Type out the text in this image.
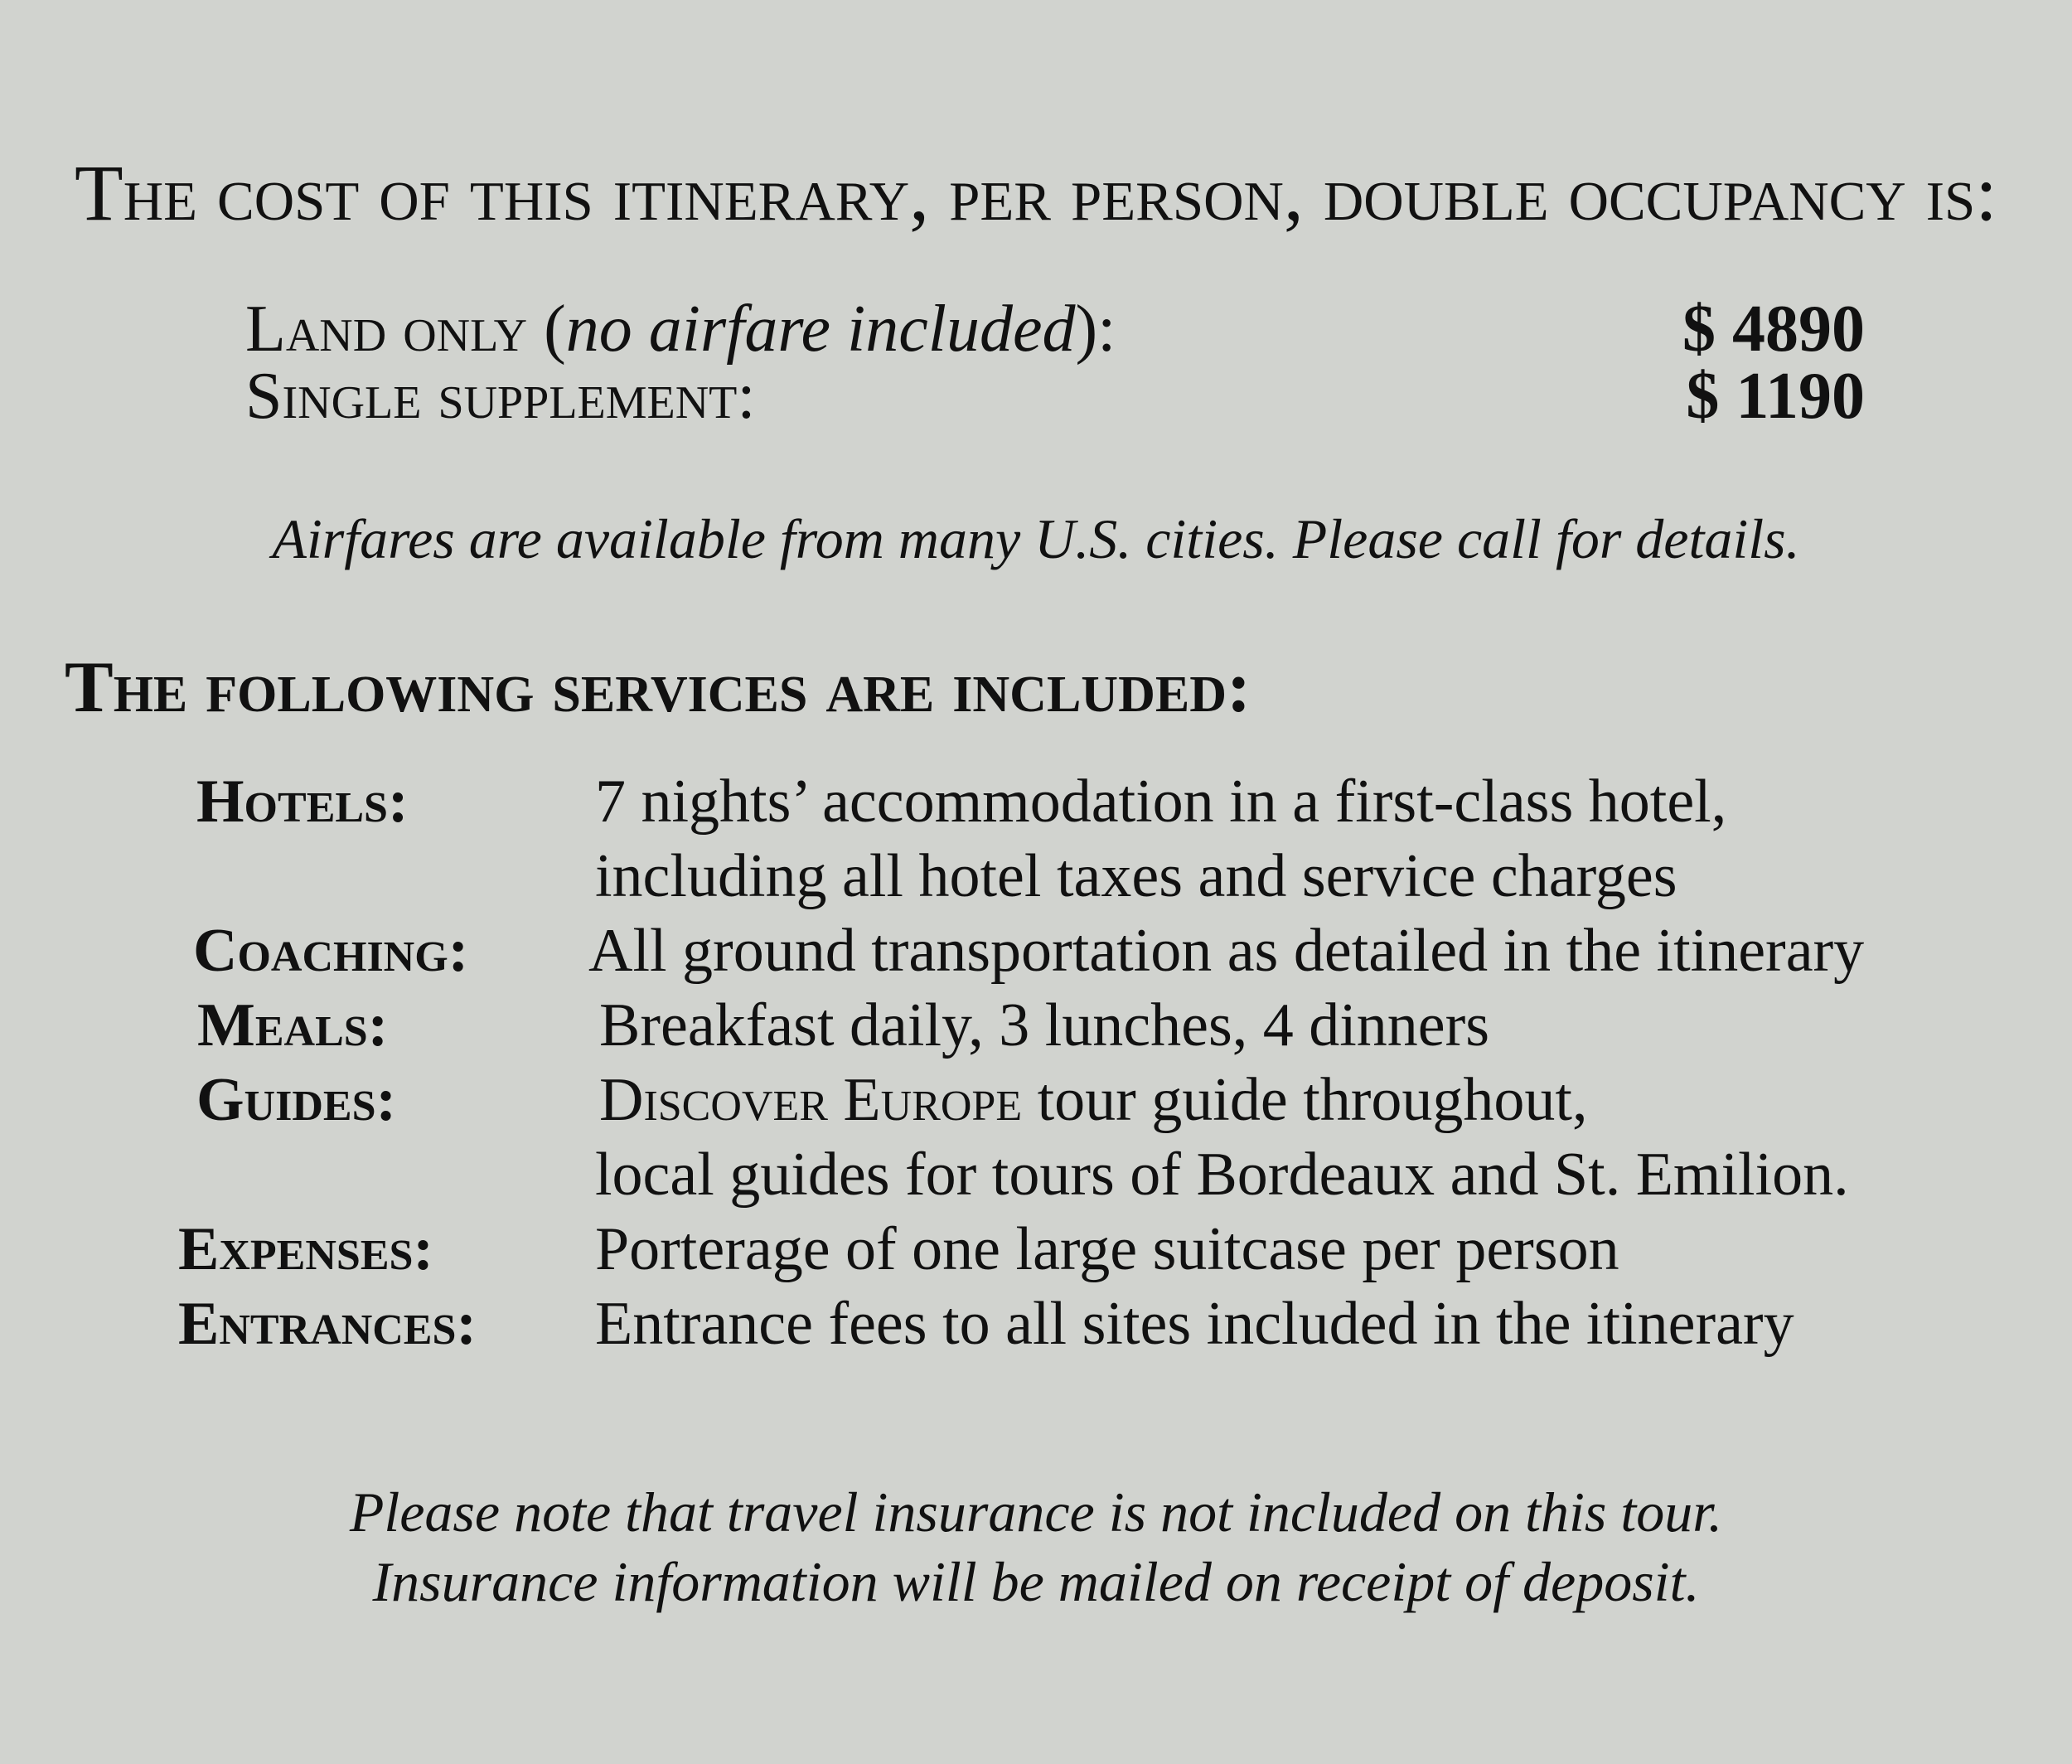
The cost of this itinerary, per person, double occupancy is:
Land only (no airfare included):	$ 4890
Single supplement:	$ 1190
Airfares are available from many U.S. cities. Please call for details.
The following services are included:
Hotels:	7 nights’ accommodation in a first-class hotel,
including all hotel taxes and service charges
Coaching: All ground transportation as detailed in the itinerary
Meals:	Breakfast daily, 3 lunches, 4 dinners
Guides:	Discover Europe tour guide throughout,
local guides for tours of Bordeaux and St. Emilion.
Expenses:	Porterage of one large suitcase per person
Entrances: Entrance fees to all sites included in the itinerary
Please note that travel insurance is not included on this tour.
Insurance information will be mailed on receipt of deposit.
